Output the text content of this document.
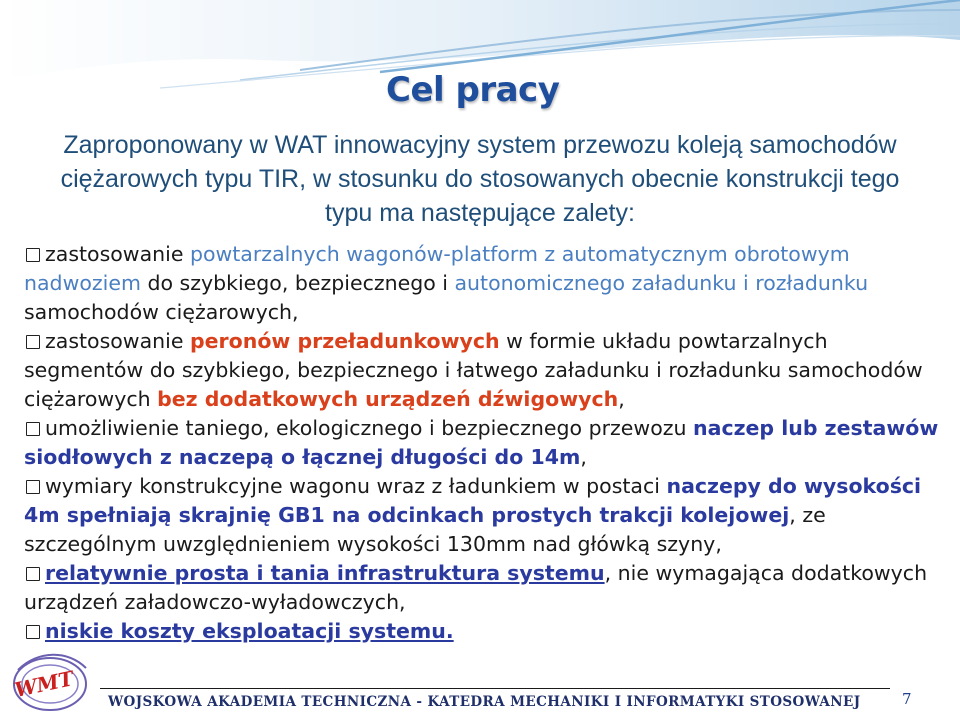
Cel pracy
Zaproponowany w WAT innowacyjny system przewozu koleją samochodów ciężarowych typu TIR, w stosunku do stosowanych obecnie konstrukcji tego typu ma następujące zalety:

zastosowanie powtarzalnych wagonów-platform z automatycznym obrotowym nadwoziem do szybkiego, bezpiecznego i autonomicznego załadunku i rozładunku samochodów ciężarowych,

zastosowanie peronów przeładunkowych w formie układu powtarzalnych segmentów do szybkiego, bezpiecznego i łatwego załadunku i rozładunku samochodów ciężarowych bez dodatkowych urządzeń dźwigowych,

umożliwienie taniego, ekologicznego i bezpiecznego przewozu naczep lub zestawów siodłowych z naczepą o łącznej długości do 14m,

wymiary konstrukcyjne wagonu wraz z ładunkiem w postaci naczepy do wysokości 4m spełniają skrajnię GB1 na odcinkach prostych trakcji kolejowej, ze szczególnym uwzględnieniem wysokości 130mm nad główką szyny,

relatywnie prosta i tania infrastruktura systemu, nie wymagająca dodatkowych urządzeń załadowczo-wyładowczych,

niskie koszty eksploatacji systemu.

WMT	WOJSKOWA AKADEMIA TECHNICZNA - KATEDRA MECHANIKI I INFORMATYKI STOSOWANEJ	7
